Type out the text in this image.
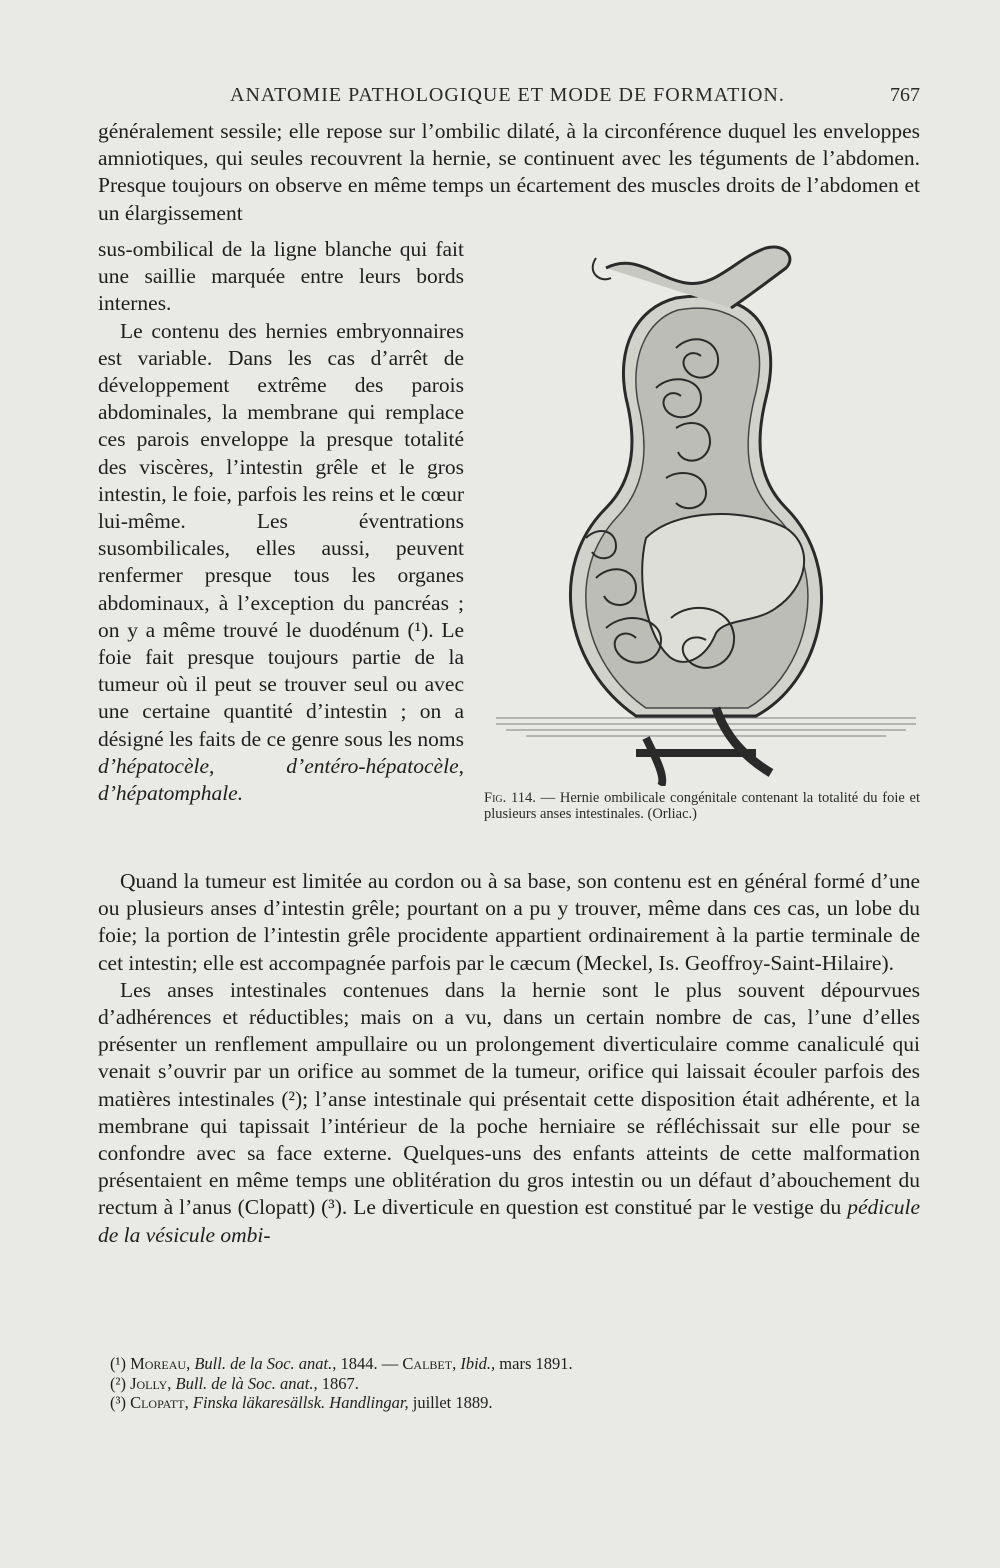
ANATOMIE PATHOLOGIQUE ET MODE DE FORMATION.	767

généralement sessile; elle repose sur l’ombilic dilaté, à la circonférence duquel les enveloppes amniotiques, qui seules recouvrent la hernie, se continuent avec les téguments de l’abdomen. Presque toujours on observe en même temps un écartement des muscles droits de l’abdomen et un élargissement

sus-ombilical de la ligne blanche qui fait une saillie marquée entre leurs bords internes.

Le contenu des hernies embryonnaires est variable. Dans les cas d’arrêt de développement extrême des parois abdominales, la membrane qui remplace ces parois enveloppe la presque totalité des viscères, l’intestin grêle et le gros intestin, le foie, parfois les reins et le cœur lui-même. Les éventrations susombilicales, elles aussi, peuvent renfermer presque tous les organes abdominaux, à l’exception du pancréas ; on y a même trouvé le duodénum (¹). Le foie fait presque toujours partie de la tumeur où il peut se trouver seul ou avec une certaine quantité d’intestin ; on a désigné les faits de ce genre sous les noms d’hépatocèle, d’entéro-hépatocèle, d’hépatomphale.	Fig. 114. — Hernie ombilicale congénitale contenant la totalité du foie et plusieurs anses intestinales. (Orliac.)

Quand la tumeur est limitée au cordon ou à sa base, son contenu est en général formé d’une ou plusieurs anses d’intestin grêle; pourtant on a pu y trouver, même dans ces cas, un lobe du foie; la portion de l’intestin grêle procidente appartient ordinairement à la partie terminale de cet intestin; elle est accompagnée parfois par le cæcum (Meckel, Is. Geoffroy-Saint-Hilaire).

Les anses intestinales contenues dans la hernie sont le plus souvent dépourvues d’adhérences et réductibles; mais on a vu, dans un certain nombre de cas, l’une d’elles présenter un renflement ampullaire ou un prolongement diverticulaire comme canaliculé qui venait s’ouvrir par un orifice au sommet de la tumeur, orifice qui laissait écouler parfois des matières intestinales (²); l’anse intestinale qui présentait cette disposition était adhérente, et la membrane qui tapissait l’intérieur de la poche herniaire se réfléchissait sur elle pour se confondre avec sa face externe. Quelques-uns des enfants atteints de cette malformation présentaient en même temps une oblitération du gros intestin ou un défaut d’abouchement du rectum à l’anus (Clopatt) (³). Le diverticule en question est constitué par le vestige du pédicule de la vésicule ombi-

(¹) Moreau, Bull. de la Soc. anat., 1844. — Calbet, Ibid., mars 1891.
(²) Jolly, Bull. de là Soc. anat., 1867.
(³) Clopatt, Finska läkaresällsk. Handlingar, juillet 1889.
